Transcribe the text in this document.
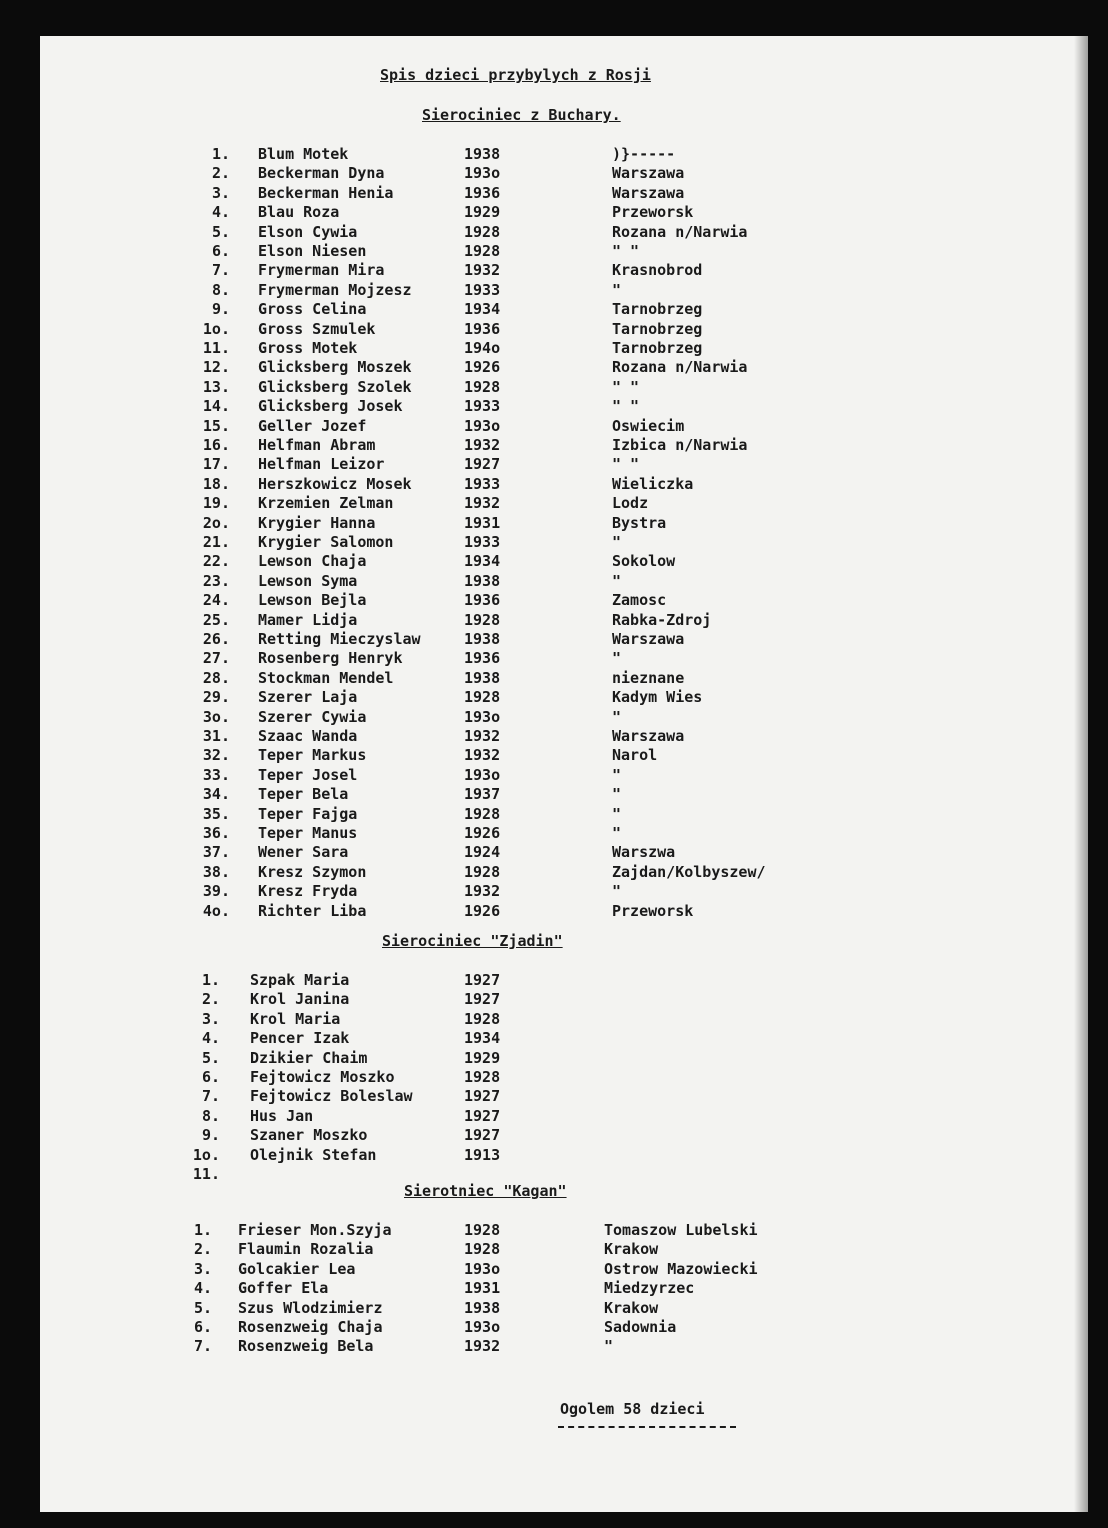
Spis dzieci przybylych z Rosji
Sierociniec z Buchary.
1. Blum Motek	1938	)}-----
2. Beckerman Dyna	193o	Warszawa
3. Beckerman Henia	1936	Warszawa
4. Blau Roza	1929	Przeworsk
5. Elson Cywia	1928	Rozana n/Narwia
6. Elson Niesen	1928	" "
7. Frymerman Mira	1932	Krasnobrod
8. Frymerman Mojzesz	1933	"
9. Gross Celina	1934	Tarnobrzeg
1o. Gross Szmulek	1936	Tarnobrzeg
11. Gross Motek	194o	Tarnobrzeg
12. Glicksberg Moszek	1926	Rozana n/Narwia
13. Glicksberg Szolek	1928	" "
14. Glicksberg Josek	1933	" "
15. Geller Jozef	193o	Oswiecim
16. Helfman Abram	1932	Izbica n/Narwia
17. Helfman Leizor	1927	" "
18. Herszkowicz Mosek	1933	Wieliczka
19. Krzemien Zelman	1932	Lodz
2o. Krygier Hanna	1931	Bystra
21. Krygier Salomon	1933	"
22. Lewson Chaja	1934	Sokolow
23. Lewson Syma	1938	"
24. Lewson Bejla	1936	Zamosc
25. Mamer Lidja	1928	Rabka-Zdroj
26. Retting Mieczyslaw	1938	Warszawa
27. Rosenberg Henryk	1936	"
28. Stockman Mendel	1938	nieznane
29. Szerer Laja	1928	Kadym Wies
3o. Szerer Cywia	193o	"
31. Szaac Wanda	1932	Warszawa
32. Teper Markus	1932	Narol
33. Teper Josel	193o	"
34. Teper Bela	1937	"
35. Teper Fajga	1928	"
36. Teper Manus	1926	"
37. Wener Sara	1924	Warszwa
38. Kresz Szymon	1928	Zajdan/Kolbyszew/
39. Kresz Fryda	1932	"
4o. Richter Liba	1926	Przeworsk
Sierociniec "Zjadin"
1. Szpak Maria	1927
2. Krol Janina	1927
3. Krol Maria	1928
4. Pencer Izak	1934
5. Dzikier Chaim	1929
6. Fejtowicz Moszko	1928
7. Fejtowicz Boleslaw	1927
8. Hus Jan	1927
9. Szaner Moszko	1927
1o. Olejnik Stefan	1913
11.
Sierotniec "Kagan"
1. Frieser Mon.Szyja	1928	Tomaszow Lubelski
2. Flaumin Rozalia	1928	Krakow
3. Golcakier Lea	193o	Ostrow Mazowiecki
4. Goffer Ela	1931	Miedzyrzec
5. Szus Wlodzimierz	1938	Krakow
6. Rosenzweig Chaja	193o	Sadownia
7. Rosenzweig Bela	1932	"
Ogolem 58 dzieci
